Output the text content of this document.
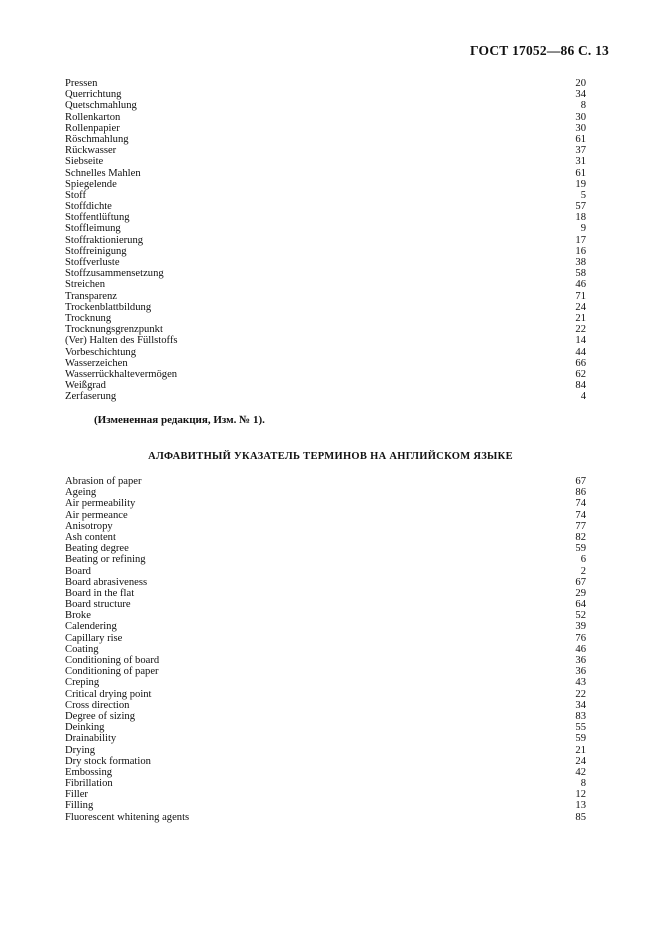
ГОСТ 17052—86 С. 13
Pressen	20
Querrichtung	34
Quetschmahlung	8
Rollenkarton	30
Rollenpapier	30
Röschmahlung	61
Rückwasser	37
Siebseite	31
Schnelles Mahlen	61
Spiegelende	19
Stoff	5
Stoffdichte	57
Stoffentlüftung	18
Stoffleimung	9
Stoffraktionierung	17
Stoffreinigung	16
Stoffverluste	38
Stoffzusammensetzung	58
Streichen	46
Transparenz	71
Trockenblattbildung	24
Trocknung	21
Trocknungsgrenzpunkt	22
(Ver) Halten des Füllstoffs	14
Vorbeschichtung	44
Wasserzeichen	66
Wasserrückhaltevermögen	62
Weißgrad	84
Zerfaserung	4
(Измененная редакция, Изм. № 1).
АЛФАВИТНЫЙ УКАЗАТЕЛЬ ТЕРМИНОВ НА АНГЛИЙСКОМ ЯЗЫКЕ
Abrasion of paper	67
Ageing	86
Air permeability	74
Air permeance	74
Anisotropy	77
Ash content	82
Beating degree	59
Beating or refining	6
Board	2
Board abrasiveness	67
Board in the flat	29
Board structure	64
Broke	52
Calendering	39
Capillary rise	76
Coating	46
Conditioning of board	36
Conditioning of paper	36
Creping	43
Critical drying point	22
Cross direction	34
Degree of sizing	83
Deinking	55
Drainability	59
Drying	21
Dry stock formation	24
Embossing	42
Fibrillation	8
Filler	12
Filling	13
Fluorescent whitening agents	85
